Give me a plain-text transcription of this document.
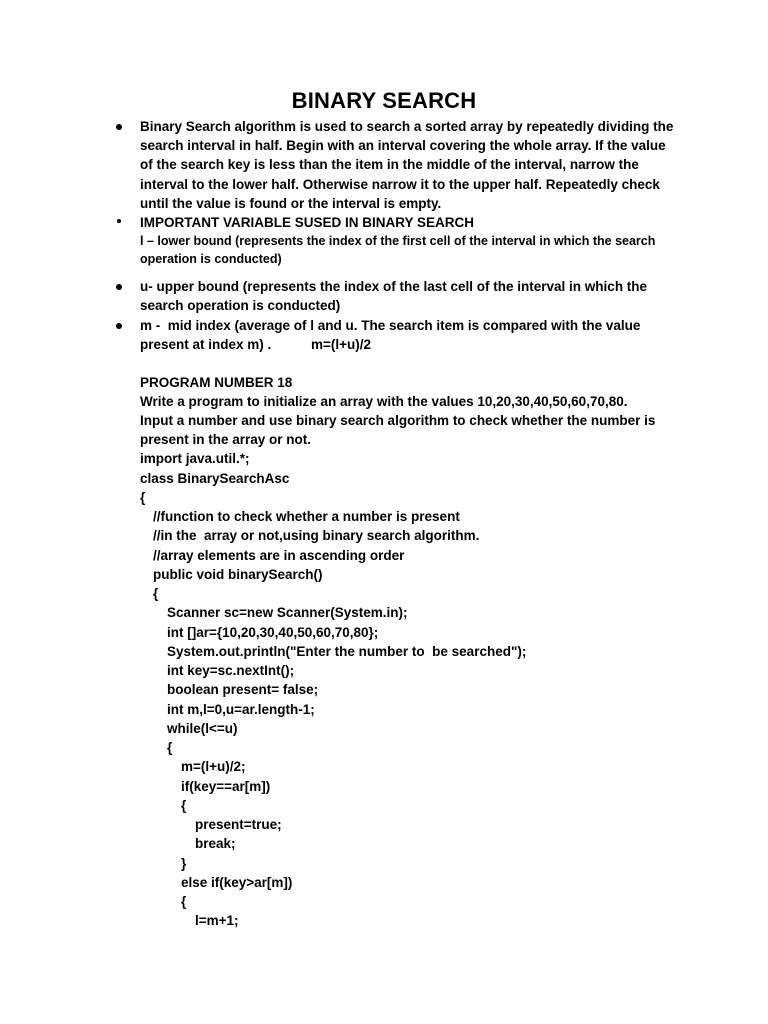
BINARY SEARCH
Binary Search algorithm is used to search a sorted array by repeatedly dividing the
search interval in half. Begin with an interval covering the whole array. If the value
of the search key is less than the item in the middle of the interval, narrow the
interval to the lower half. Otherwise narrow it to the upper half. Repeatedly check
until the value is found or the interval is empty.
IMPORTANT VARIABLE SUSED IN BINARY SEARCH
l – lower bound (represents the index of the first cell of the interval in which the search
operation is conducted)
u- upper bound (represents the index of the last cell of the interval in which the
search operation is conducted)
m -  mid index (average of l and u. The search item is compared with the value
present at index m) .	m=(l+u)/2
PROGRAM NUMBER 18
Write a program to initialize an array with the values 10,20,30,40,50,60,70,80.
Input a number and use binary search algorithm to check whether the number is
present in the array or not.
import java.util.*;
class BinarySearchAsc
{
//function to check whether a number is present
//in the  array or not,using binary search algorithm.
//array elements are in ascending order
public void binarySearch()
{
Scanner sc=new Scanner(System.in);
int []ar={10,20,30,40,50,60,70,80};
System.out.println("Enter the number to  be searched");
int key=sc.nextInt();
boolean present= false;
int m,l=0,u=ar.length-1;
while(l<=u)
{
m=(l+u)/2;
if(key==ar[m])
{
present=true;
break;
}
else if(key>ar[m])
{
l=m+1;
